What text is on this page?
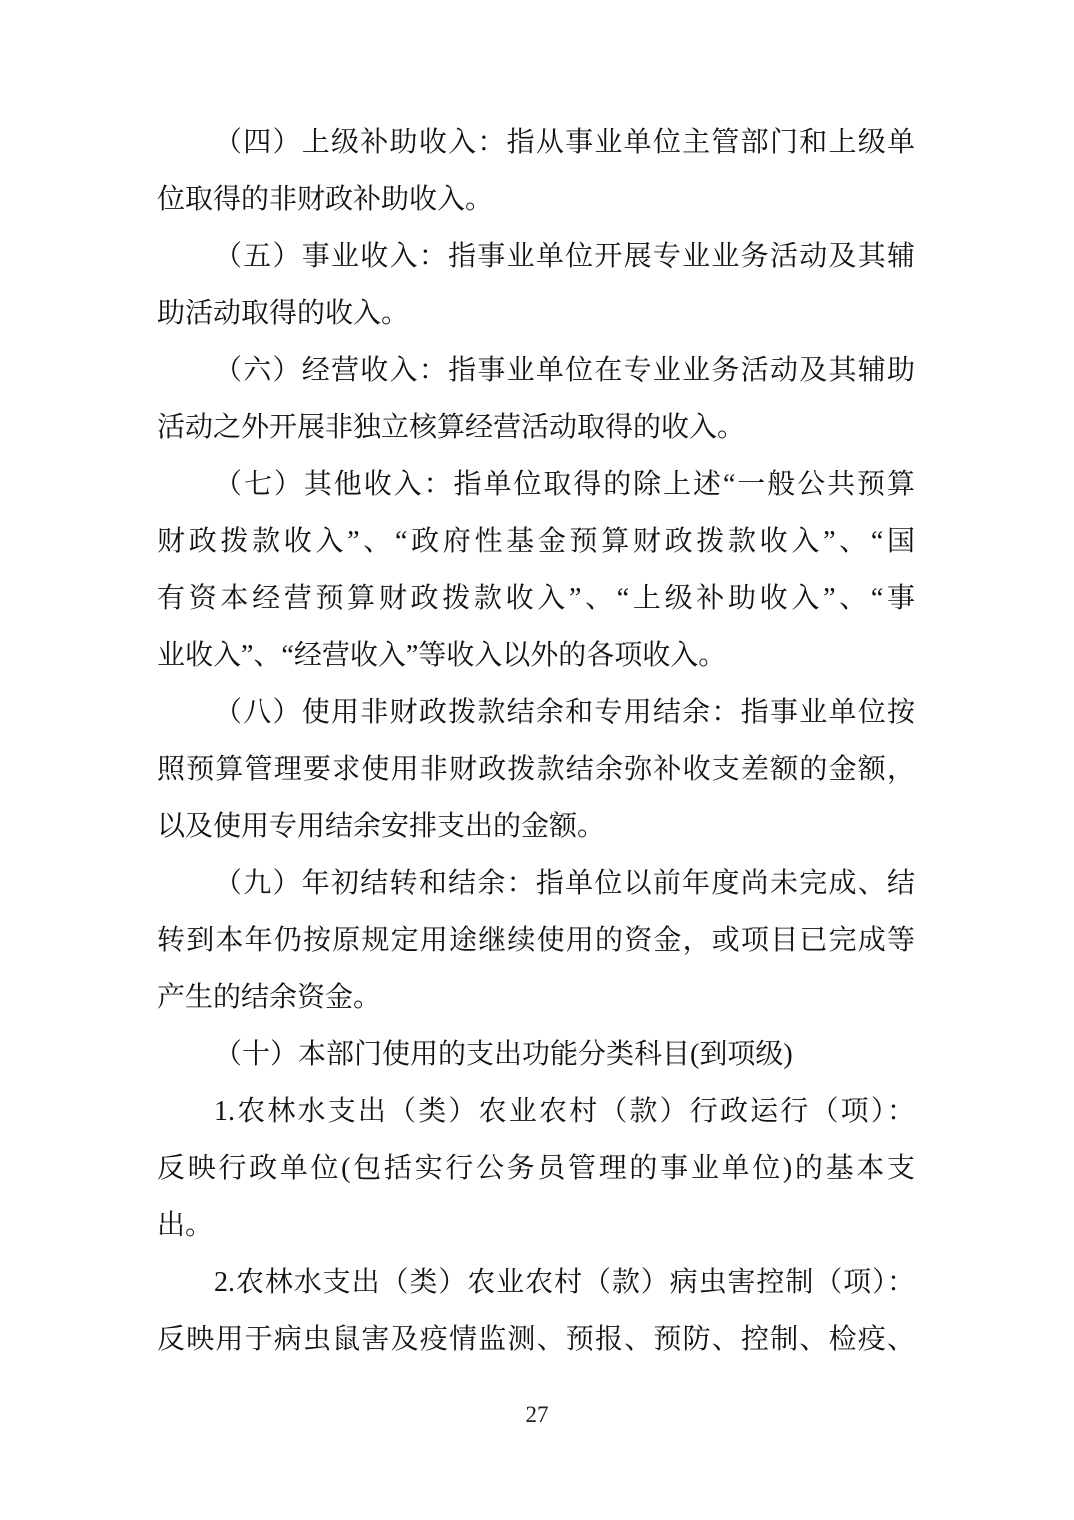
（四）上级补助收入：指从事业单位主管部门和上级单

位取得的非财政补助收入。

（五）事业收入：指事业单位开展专业业务活动及其辅

助活动取得的收入。

（六）经营收入：指事业单位在专业业务活动及其辅助

活动之外开展非独立核算经营活动取得的收入。

（七）其他收入：指单位取得的除上述“一般公共预算

财政拨款收入”、“政府性基金预算财政拨款收入”、“国

有资本经营预算财政拨款收入”、“上级补助收入”、“事

业收入”、“经营收入”等收入以外的各项收入。

（八）使用非财政拨款结余和专用结余：指事业单位按

照预算管理要求使用非财政拨款结余弥补收支差额的金额，

以及使用专用结余安排支出的金额。

（九）年初结转和结余：指单位以前年度尚未完成、结

转到本年仍按原规定用途继续使用的资金，或项目已完成等

产生的结余资金。

（十）本部门使用的支出功能分类科目(到项级)

1.农林水支出（类）农业农村（款）行政运行（项）：

反映行政单位(包括实行公务员管理的事业单位)的基本支

出。

2.农林水支出（类）农业农村（款）病虫害控制（项）：

反映用于病虫鼠害及疫情监测、预报、预防、控制、检疫、

27
